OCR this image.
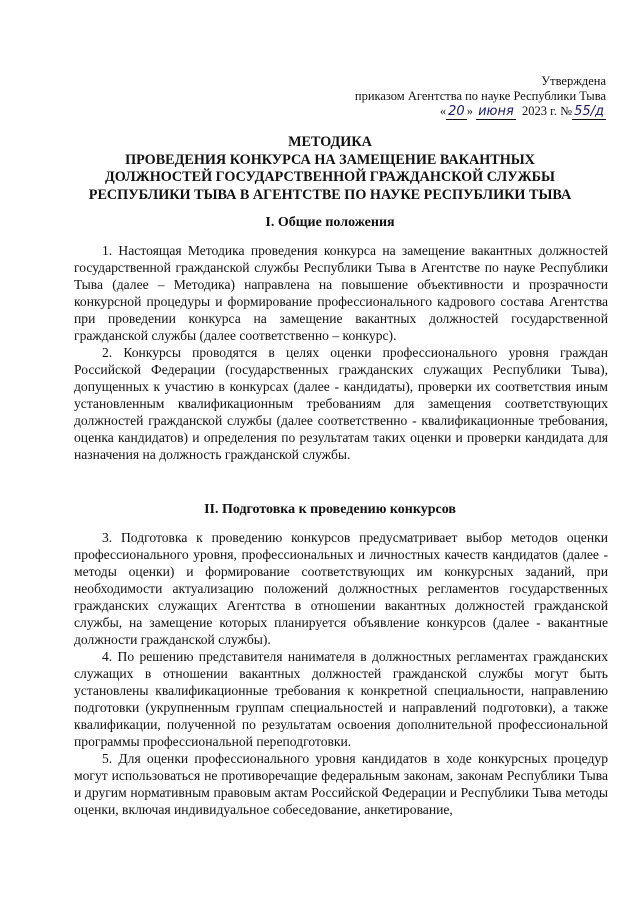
Утверждена
приказом Агентства по науке Республики Тыва
« 20 » июня 2023 г. № 55/д
МЕТОДИКА
ПРОВЕДЕНИЯ КОНКУРСА НА ЗАМЕЩЕНИЕ ВАКАНТНЫХ
ДОЛЖНОСТЕЙ ГОСУДАРСТВЕННОЙ ГРАЖДАНСКОЙ СЛУЖБЫ
РЕСПУБЛИКИ ТЫВА В АГЕНТСТВЕ ПО НАУКЕ РЕСПУБЛИКИ ТЫВА
I. Общие положения

1. Настоящая Методика проведения конкурса на замещение вакантных должностей государственной гражданской службы Республики Тыва в Агентстве по науке Республики Тыва (далее – Методика) направлена на повышение объективности и прозрачности конкурсной процедуры и формирование профессионального кадрового состава Агентства при проведении конкурса на замещение вакантных должностей государственной гражданской службы (далее соответственно – конкурс).

2. Конкурсы проводятся в целях оценки профессионального уровня граждан Российской Федерации (государственных гражданских служащих Республики Тыва), допущенных к участию в конкурсах (далее - кандидаты), проверки их соответствия иным установленным квалификационным требованиям для замещения соответствующих должностей гражданской службы (далее соответственно - квалификационные требования, оценка кандидатов) и определения по результатам таких оценки и проверки кандидата для назначения на должность гражданской службы.

II. Подготовка к проведению конкурсов

3. Подготовка к проведению конкурсов предусматривает выбор методов оценки профессионального уровня, профессиональных и личностных качеств кандидатов (далее - методы оценки) и формирование соответствующих им конкурсных заданий, при необходимости актуализацию положений должностных регламентов государственных гражданских служащих Агентства в отношении вакантных должностей гражданской службы, на замещение которых планируется объявление конкурсов (далее - вакантные должности гражданской службы).

4. По решению представителя нанимателя в должностных регламентах гражданских служащих в отношении вакантных должностей гражданской службы могут быть установлены квалификационные требования к конкретной специальности, направлению подготовки (укрупненным группам специальностей и направлений подготовки), а также квалификации, полученной по результатам освоения дополнительной профессиональной программы профессиональной переподготовки.

5. Для оценки профессионального уровня кандидатов в ходе конкурсных процедур могут использоваться не противоречащие федеральным законам, законам Республики Тыва и другим нормативным правовым актам Российской Федерации и Республики Тыва методы оценки, включая индивидуальное собеседование, анкетирование,
